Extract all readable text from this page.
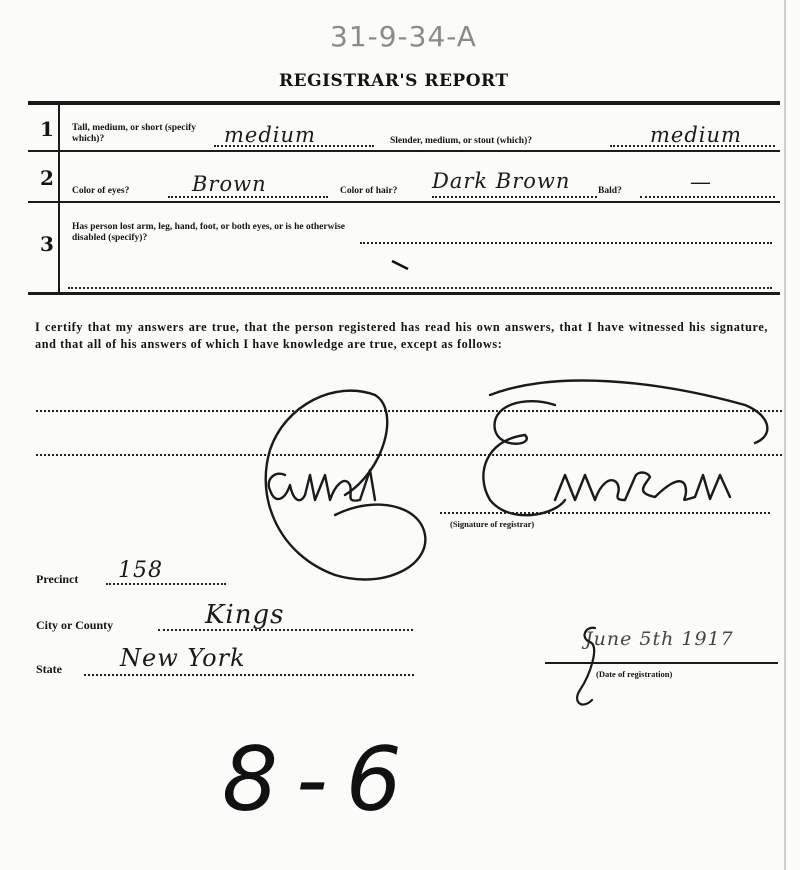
31-9-34-A
REGISTRAR'S REPORT
1 Tall, medium, or short (specify which)?	medium	Slender, medium, or stout (which)?	medium
2
Color of eyes?	Brown	Color of hair? Dark Brown	Bald?	—
3
Has person lost arm, leg, hand, foot, or both eyes, or is he otherwise disabled (specify)?
I certify that my answers are true, that the person registered has read his own answers, that I have witnessed his signature, and that all of his answers of which I have knowledge are true, except as follows:
(Signature of registrar)
Precinct 158
City or County	Kings
State New York
June 5th 1917
(Date of registration)
8-6
